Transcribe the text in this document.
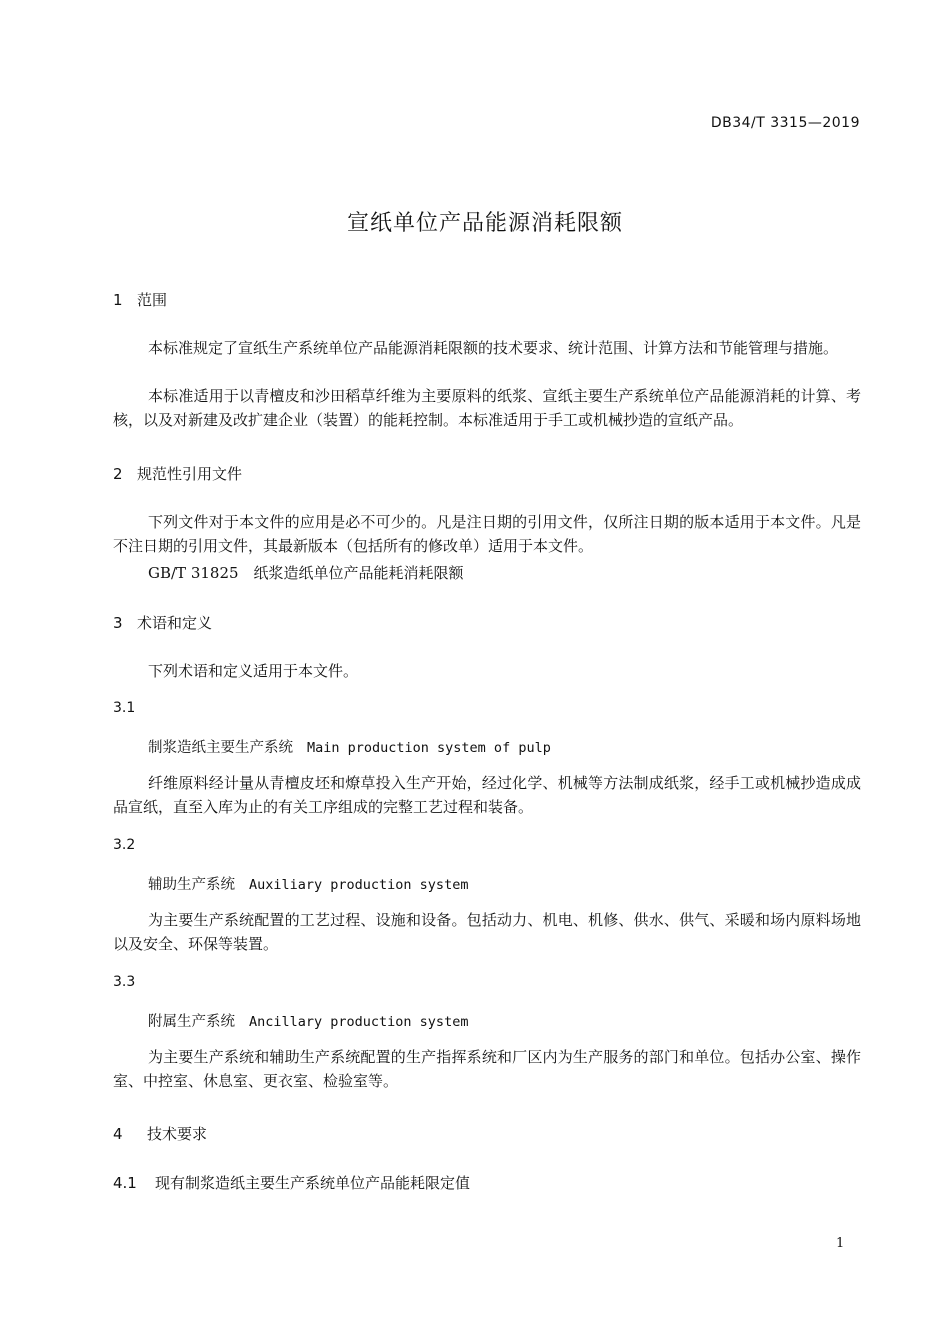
DB34/T 3315—2019
宣纸单位产品能源消耗限额
1 范围
本标准规定了宣纸生产系统单位产品能源消耗限额的技术要求、统计范围、计算方法和节能管理与措施。
本标准适用于以青檀皮和沙田稻草纤维为主要原料的纸浆、宣纸主要生产系统单位产品能源消耗的计算、考核，以及对新建及改扩建企业（装置）的能耗控制。本标准适用于手工或机械抄造的宣纸产品。
2 规范性引用文件
下列文件对于本文件的应用是必不可少的。凡是注日期的引用文件，仅所注日期的版本适用于本文件。凡是不注日期的引用文件，其最新版本（包括所有的修改单）适用于本文件。
GB/T 31825　纸浆造纸单位产品能耗消耗限额
3 术语和定义
下列术语和定义适用于本文件。
3.1
制浆造纸主要生产系统 Main production system of pulp
纤维原料经计量从青檀皮坯和燎草投入生产开始，经过化学、机械等方法制成纸浆，经手工或机械抄造成成品宣纸，直至入库为止的有关工序组成的完整工艺过程和装备。
3.2
辅助生产系统 Auxiliary production system
为主要生产系统配置的工艺过程、设施和设备。包括动力、机电、机修、供水、供气、采暖和场内原料场地以及安全、环保等装置。
3.3
附属生产系统 Ancillary production system
为主要生产系统和辅助生产系统配置的生产指挥系统和厂区内为生产服务的部门和单位。包括办公室、操作室、中控室、休息室、更衣室、检验室等。
4 技术要求
4.1 现有制浆造纸主要生产系统单位产品能耗限定值
1
